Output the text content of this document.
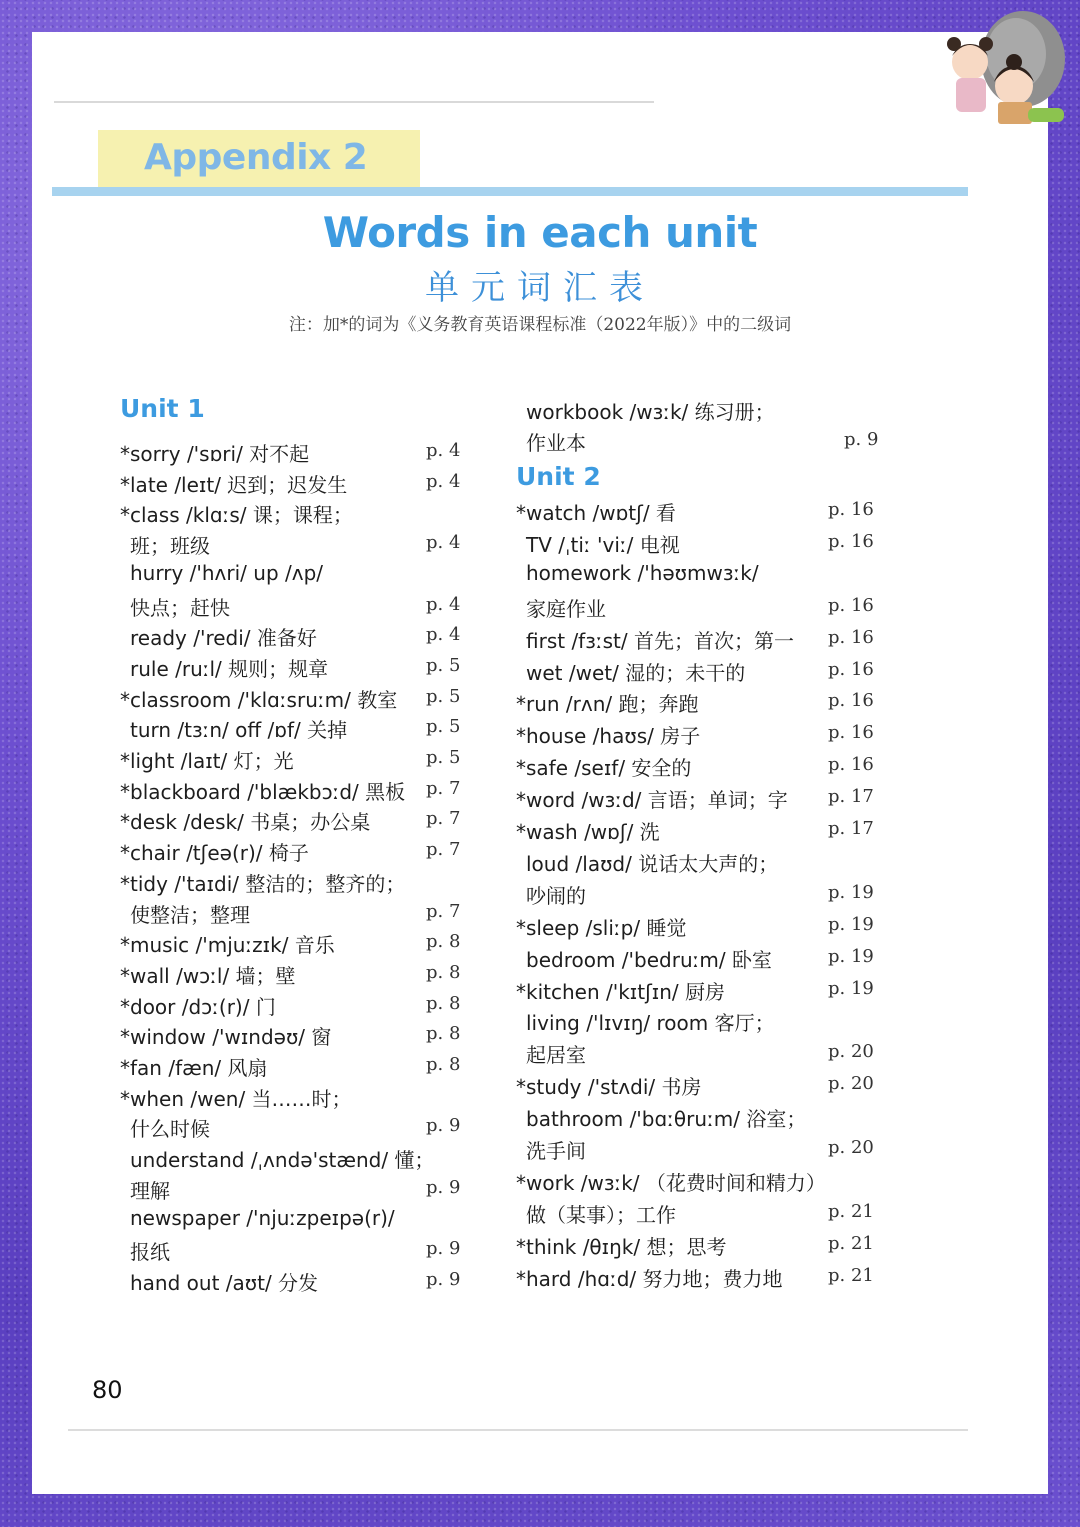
Appendix 2
Words in each unit
单元词汇表
注：加*的词为《义务教育英语课程标准（2022年版）》中的二级词
80
Unit 1
*sorry /'sɒri/ 对不起	p. 4
*late /leɪt/ 迟到；迟发生	p. 4
*class /klɑːs/ 课；课程；
班；班级	p. 4
hurry /'hʌri/ up /ʌp/
快点；赶快	p. 4
ready /'redi/ 准备好	p. 4
rule /ruːl/ 规则；规章	p. 5
*classroom /'klɑːsruːm/ 教室 p. 5
turn /tɜːn/ off /ɒf/ 关掉	p. 5
*light /laɪt/ 灯；光	p. 5
*blackboard /'blækbɔːd/ 黑板 p. 7
*desk /desk/ 书桌；办公桌	p. 7
*chair /tʃeə(r)/ 椅子	p. 7
*tidy /'taɪdi/ 整洁的；整齐的；
使整洁；整理	p. 7
*music /'mjuːzɪk/ 音乐	p. 8
*wall /wɔːl/ 墙；壁	p. 8
*door /dɔː(r)/ 门	p. 8
*window /'wɪndəʊ/ 窗	p. 8
*fan /fæn/ 风扇	p. 8
*when /wen/ 当……时；
什么时候	p. 9
understand /ˌʌndə'stænd/ 懂；
理解	p. 9
newspaper /'njuːzpeɪpə(r)/
报纸	p. 9
hand out /aʊt/ 分发	p. 9
workbook /wɜːk/ 练习册；
作业本	p. 9
Unit 2
*watch /wɒtʃ/ 看	p. 16
TV /ˌtiː 'viː/ 电视	p. 16
homework /'həʊmwɜːk/
家庭作业	p. 16
first /fɜːst/ 首先；首次；第一 p. 16
wet /wet/ 湿的；未干的	p. 16
*run /rʌn/ 跑；奔跑	p. 16
*house /haʊs/ 房子	p. 16
*safe /seɪf/ 安全的	p. 16
*word /wɜːd/ 言语；单词；字 p. 17
*wash /wɒʃ/ 洗	p. 17
loud /laʊd/ 说话太大声的；
吵闹的	p. 19
*sleep /sliːp/ 睡觉	p. 19
bedroom /'bedruːm/ 卧室	p. 19
*kitchen /'kɪtʃɪn/ 厨房	p. 19
living /'lɪvɪŋ/ room 客厅；
起居室	p. 20
*study /'stʌdi/ 书房	p. 20
bathroom /'bɑːθruːm/ 浴室；
洗手间	p. 20
*work /wɜːk/ （花费时间和精力）
做（某事）；工作	p. 21
*think /θɪŋk/ 想；思考	p. 21
*hard /hɑːd/ 努力地；费力地	p. 21
